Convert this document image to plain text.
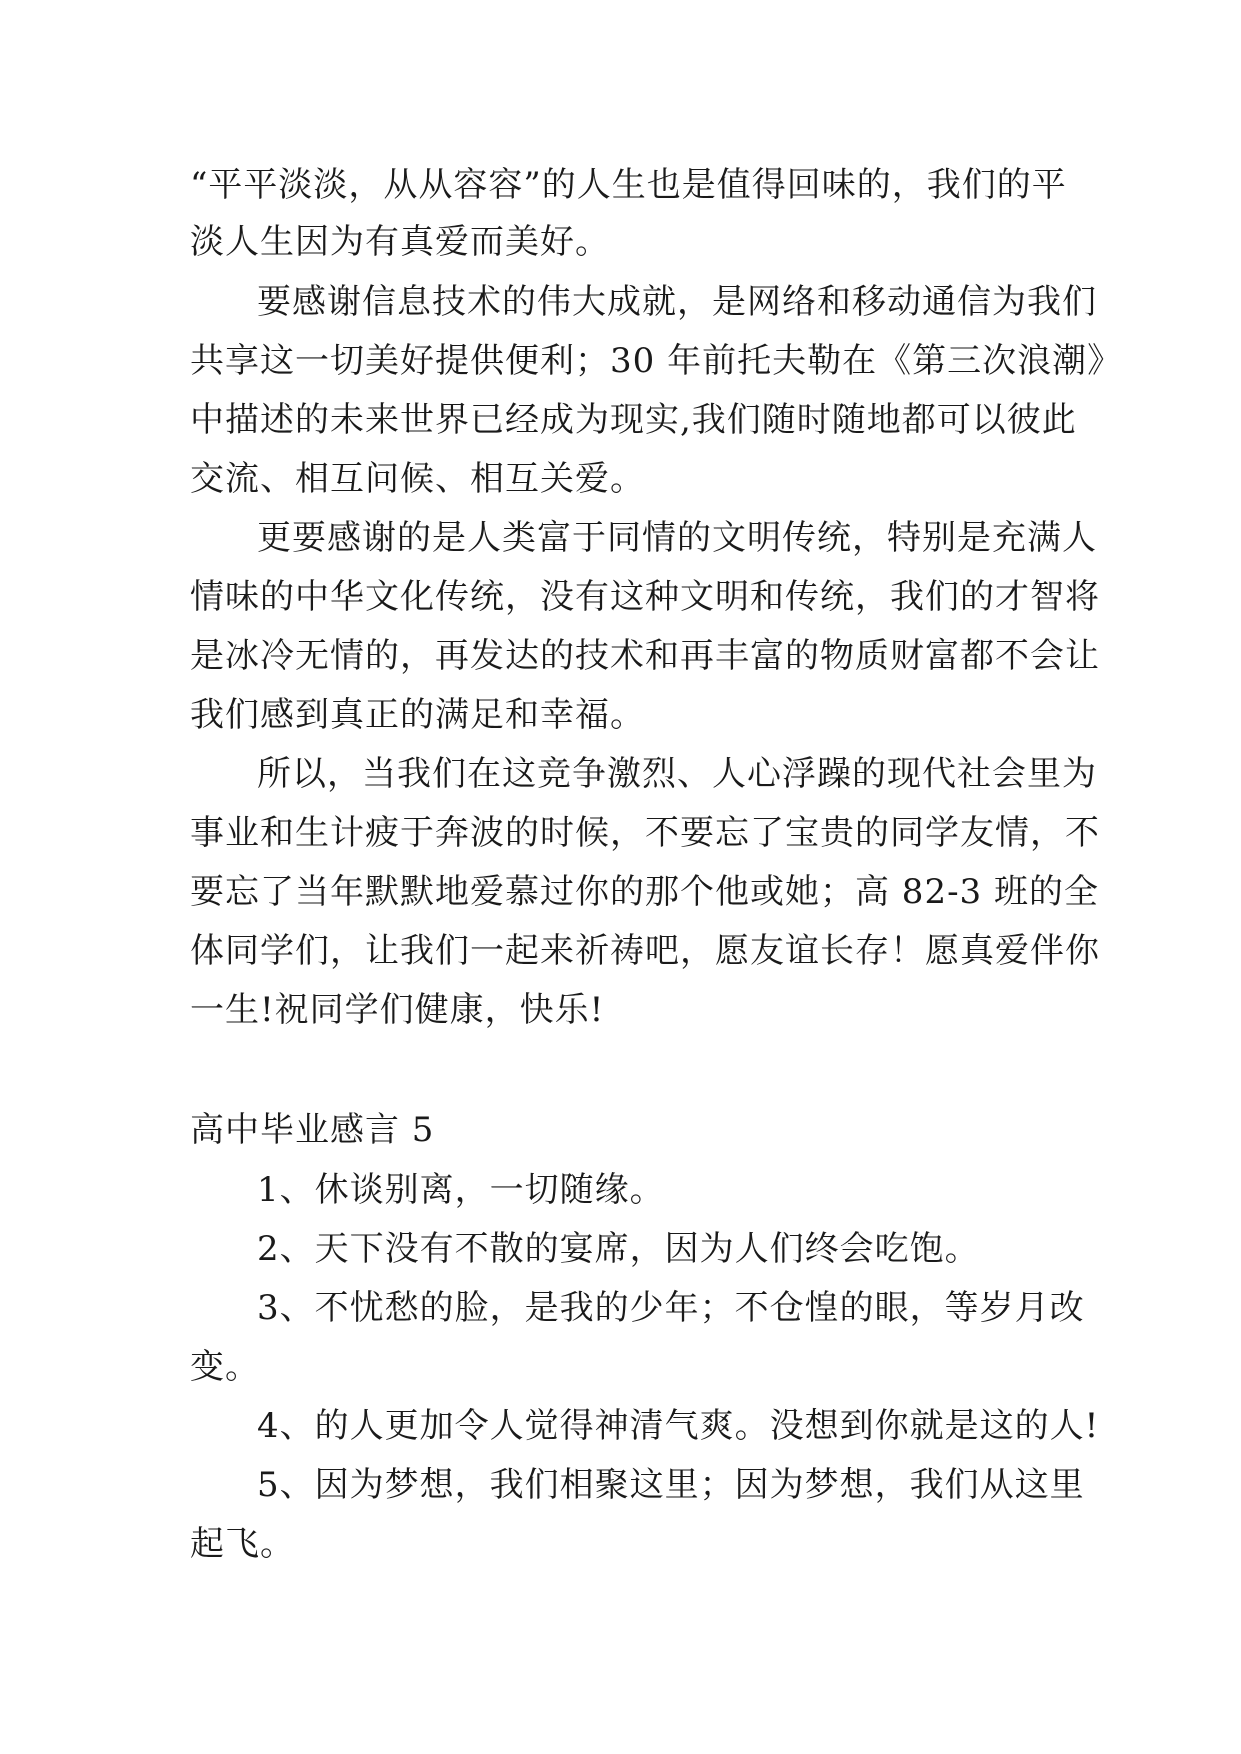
“平平淡淡，从从容容”的人生也是值得回味的，我们的平
淡人生因为有真爱而美好。
要感谢信息技术的伟大成就，是网络和移动通信为我们
共享这一切美好提供便利；30 年前托夫勒在《第三次浪潮》
中描述的未来世界已经成为现实,我们随时随地都可以彼此
交流、相互问候、相互关爱。
更要感谢的是人类富于同情的文明传统，特别是充满人
情味的中华文化传统，没有这种文明和传统，我们的才智将
是冰冷无情的，再发达的技术和再丰富的物质财富都不会让
我们感到真正的满足和幸福。
所以，当我们在这竞争激烈、人心浮躁的现代社会里为
事业和生计疲于奔波的时候，不要忘了宝贵的同学友情，不
要忘了当年默默地爱慕过你的那个他或她；高 82-3 班的全
体同学们，让我们一起来祈祷吧，愿友谊长存！愿真爱伴你
一生!祝同学们健康，快乐!
高中毕业感言 5
1、休谈别离，一切随缘。
2、天下没有不散的宴席，因为人们终会吃饱。
3、不忧愁的脸，是我的少年；不仓惶的眼，等岁月改
变。
4、的人更加令人觉得神清气爽。没想到你就是这的人!
5、因为梦想，我们相聚这里；因为梦想，我们从这里
起飞。
